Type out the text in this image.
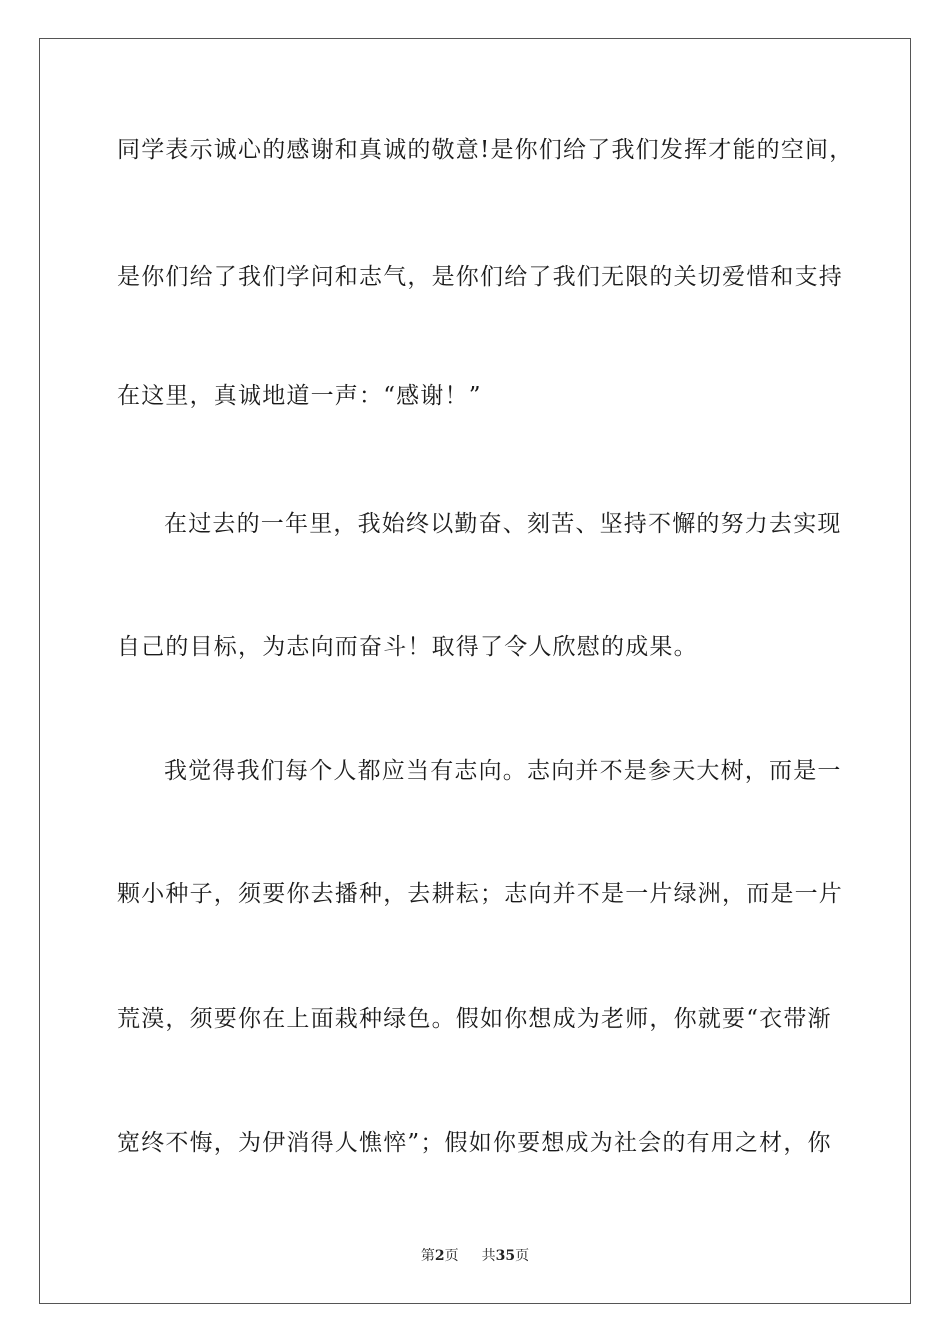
同学表示诚心的感谢和真诚的敬意!是你们给了我们发挥才能的空间，
是你们给了我们学问和志气，是你们给了我们无限的关切爱惜和支持
在这里，真诚地道一声：“感谢！”
在过去的一年里，我始终以勤奋、刻苦、坚持不懈的努力去实现
自己的目标，为志向而奋斗！取得了令人欣慰的成果。
我觉得我们每个人都应当有志向。志向并不是参天大树，而是一
颗小种子，须要你去播种，去耕耘；志向并不是一片绿洲，而是一片
荒漠，须要你在上面栽种绿色。假如你想成为老师，你就要“衣带渐
宽终不悔，为伊消得人憔悴”；假如你要想成为社会的有用之材，你
第2页 共35页
